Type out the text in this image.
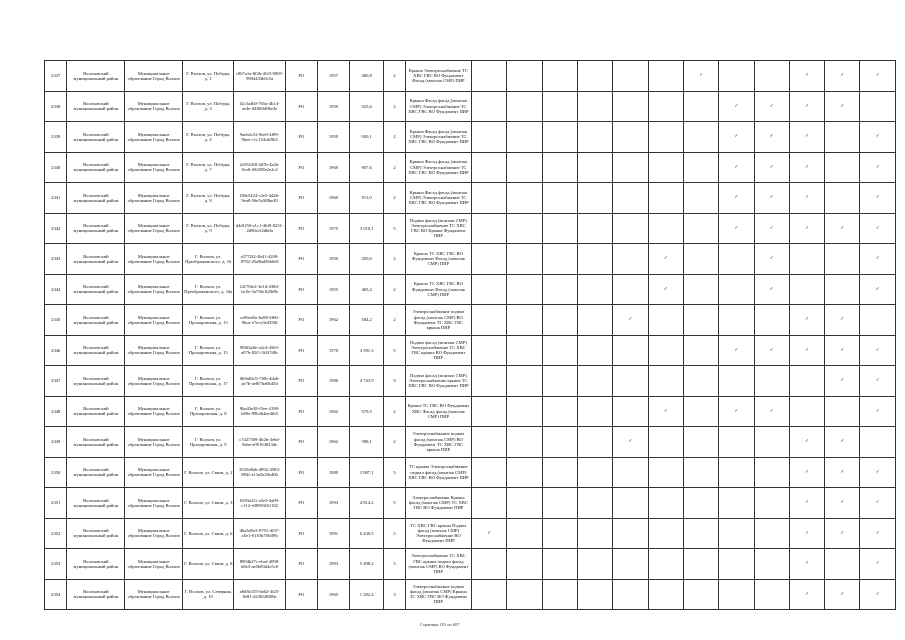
2337	Волоховский муниципальный район	Муниципальное образование Город Волхов	Г. Волхов, ул. Победы, д. 1	c867a1a-8f2b-4f23-9905-9904433b0c5a	РО	1957	400,8	2	Крыша Электроснабжение ТС ХВС ГВС ВО Фундамент Фасад (монтаж СМР) ПИР							✓			✓	✓	✓
2338	Волоховский муниципальный район	Муниципальное образование Город Волхов	Г. Волхов, ул. Победы, д. 3	f2c3a4b0-765a-4b14-ae4e-d4f06fd9be3e	РО	1959	925,6	2	Крыша Фасад фасад (монтаж СМР) Электроснабжение ТС ХВС ГВС ВО Фундамент ПИР								✓	✓	✓	✓	
2339	Волоховский муниципальный район	Муниципальное образование Город Волхов	Г. Волхов, ул. Победы, д. 4	9aeb2c52-8ee0-4f89-9bee-c1c134cdf9b3	РО	1959	920,1	2	Крыша Фасад фасад (монтаж СМР) Электроснабжение ТС ХВС ГВС ВО Фундамент ПИР								✓	✓	✓		✓
2340	Волоховский муниципальный район	Муниципальное образование Город Волхов	Г. Волхов, ул. Победы, д. 7	2e5922f8-4d7b-4a2b-8ce6-d3f298e2e2c2	РО	1960	907,6	2	Крыша Фасад фасад (монтаж СМР) Электроснабжение ТС ХВС ГВС ВО Фундамент ПИР								✓	✓	✓		✓
2341	Волоховский муниципальный район	Муниципальное образование Город Волхов	Г. Волхов, ул. Победы, д. 8	f38e5424-c2e5-4d2b-9ea0-56e5a3f8be20	РО	1960	911,0	2	Крыша Фасад фасад (монтаж СМР) Электроснабжение ТС ХВС ГВС ВО Фундамент ПИР								✓	✓	✓		✓
2342	Волоховский муниципальный район	Муниципальное образование Город Волхов	Г. Волхов, ул. Победы, д. 9	d4d1f50-e1c1-4bf0-8251-2d90a1f2db0a	РО	1975	3 010,1	5	Подвал фасад (монтаж СМР) Электроснабжение ТС ХВС ГВС ВО Крыша Фундамент ПИР								✓	✓	✓	✓	✓
2343	Волоховский муниципальный район	Муниципальное образование Город Волхов	Г. Волхов, ул. Преображенского, д. 16	a3772f2-4b41-4208-8782-45a9bd56b0e8	РО	1950	450,0	2	Крыша ТС ХВС ГВС ВО Фундамент Фасад (монтаж СМР) ПИР						✓			✓			✓
2344	Волоховский муниципальный район	Муниципальное образование Город Волхов	Г. Волхов, ул. Преображенского, д. 16а	f4170fe2-3e1d-438d-bc5e-3a7f0e1b5b9b	РО	1955	483,2	2	Крыша ТС ХВС ГВС ВО Фундамент Фасад (монтаж СМР) ПИР						✓			✓			✓
2345	Волоховский муниципальный район	Муниципальное образование Город Волхов	Г. Волхов, ул. Прохоровская, д. 13	ce96ed5e-ba98-4f60-9bca-e7ecc0e4358f	РО	1962	584,2	2	Электроснабжение подвал фасад (монтаж СМР) ВО Фундамент ТС ХВС ГВС крыша ПИР					✓					✓	✓	
2346	Волоховский муниципальный район	Муниципальное образование Город Волхов	Г. Волхов, ул. Прохоровская, д. 15	908f2a8e-a2e4-4563-a07b-82f1-3f4f7d8c	РО	1970	3 591,3	5	Подвал фасад (монтаж СМР) Электроснабжение ТС ХВС ГВС крыша ВО Фундамент ПИР								✓	✓	✓	✓	✓
2347	Волоховский муниципальный район	Муниципальное образование Город Волхов	Г. Волхов, ул. Прохоровская, д. 17	0b9a82c9-7f0b-4da6-ae7b-ae8f7ba6b45d	РО	1986	4 743,9	9	Подвал фасад (монтаж СМР) Электроснабжение крыша ТС ХВС ГВС ВО Фундамент ПИР											✓	✓
2348	Волоховский муниципальный район	Муниципальное образование Город Волхов	Г. Волхов, ул. Прохоровская, д. 8	9ba43e38-f5ee-4198-b80e-99b2b4ee4fb5	РО	1962	579,5	2	Крыша ТС ГВС ВО Фундамент ХВС Фасад фасад (монтаж СМР) ПИР						✓		✓	✓			✓
2349	Волоховский муниципальный район	Муниципальное образование Город Волхов	Г. Волхов, ул. Прохоровская, д. 9	c7d27309-4b2b-4e6d-9ebe-e09104823de	РО	1962	588,1	2	Электроснабжение подвал фасад (монтаж СМР) ВО Фундамент ТС ХВС ГВС крыша ПИР					✓					✓	✓	
2350	Волоховский муниципальный район	Муниципальное образование Город Волхов	Г. Волхов, ул. Связи, д. 2	3535d8ab-d992-4583-894f-a13a5e20e406	РО	1989	3 987,1	5	ТС крыша Электроснабжение подвал фасад (монтаж СМР) ХВС ГВС ВО Фундамент ПИР										✓	✓	✓
2351	Волоховский муниципальный район	Муниципальное образование Город Волхов	Г. Волхов, ул. Связи, д. 3	6393a2f1-a5e5-4a09-c112-e08903f61182	РО	1993	4 814,2	5	Электроснабжение Крыша фасад (монтаж СМР) ТС ХВС ГВС ВО Фундамент ПИР										✓	✓	✓
2352	Волоховский муниципальный район	Муниципальное образование Город Волхов	Г. Волхов, ул. Связи, д. 6	d6a3d5e3-0701-4f37-a5e1-6110b7f0df96	РО	1991	6 430,5	5	ТС ХВС ГВС крыша Подвал фасад (монтаж СМР) Электроснабжение ВО Фундамент ПИР	✓									✓	✓	✓
2353	Волоховский муниципальный район	Муниципальное образование Город Волхов	Г. Волхов, ул. Связи, д. 8	8994b27c-ebaf-4098-b8e3-ae5b83d4e5c6	РО	1993	5 498,2	5	Электроснабжение ТС ХВС ГВС крыша подвал фасад (монтаж СМР) ВО Фундамент ПИР										✓		✓
2354	Волоховский муниципальный район	Муниципальное образование Город Волхов	Г. Волхов, ул. Северная, д. 10	a8d3b155-0a62-4f25-8e81-d230f28f06e	РО	1965	1 282,4	3	Электроснабжение подвал фасад (монтаж СМР) Крыша ТС ХВС ГВС ВО Фундамент ПИР										✓	✓	✓
Страница 181 из 607
